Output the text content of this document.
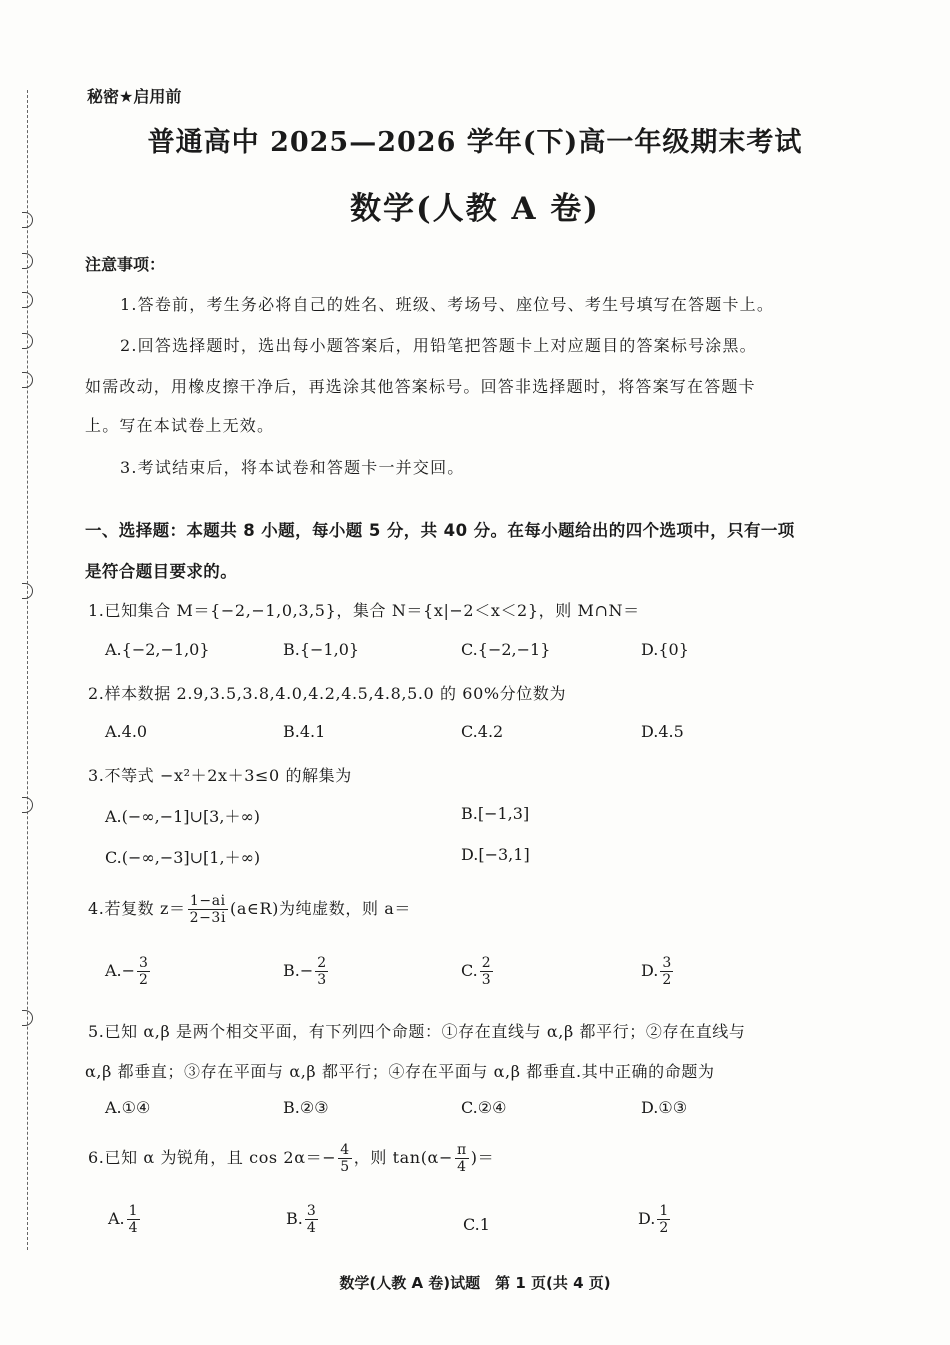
秘密★启用前
普通高中 2025—2026 学年(下)高一年级期末考试
数学(人教 A 卷)
注意事项：
1.答卷前，考生务必将自己的姓名、班级、考场号、座位号、考生号填写在答题卡上。
2.回答选择题时，选出每小题答案后，用铅笔把答题卡上对应题目的答案标号涂黑。
如需改动，用橡皮擦干净后，再选涂其他答案标号。回答非选择题时，将答案写在答题卡
上。写在本试卷上无效。
3.考试结束后，将本试卷和答题卡一并交回。
一、选择题：本题共 8 小题，每小题 5 分，共 40 分。在每小题给出的四个选项中，只有一项
是符合题目要求的。
1.已知集合 M＝{−2,−1,0,3,5}，集合 N＝{x|−2＜x＜2}，则 M∩N＝
A.{−2,−1,0}	B.{−1,0}	C.{−2,−1}	D.{0}
2.样本数据 2.9,3.5,3.8,4.0,4.2,4.5,4.8,5.0 的 60%分位数为
A.4.0	B.4.1	C.4.2	D.4.5
3.不等式 −x²＋2x＋3≤0 的解集为
A.(−∞,−1]∪[3,＋∞)	B.[−1,3]
C.(−∞,−3]∪[1,＋∞)	D.[−3,1]
4.若复数 $z= \frac{1-ai}{2-3i}$ (a∈R)为纯虚数，则 a＝
$A.- \frac{3}{2}$	$B.- \frac{2}{3}$	C. $\frac{2}{3}$	D. $\frac{3}{2}$
5.已知 α,β 是两个相交平面，有下列四个命题：①存在直线与 α,β 都平行；②存在直线与
α,β 都垂直；③存在平面与 α,β 都平行；④存在平面与 α,β 都垂直.其中正确的命题为
A.①④	B.②③	C.②④	D.①③
6.已知 α 为锐角，且 $\cos 2\alpha=- \frac{4}{5}$ ，则 $\tan(\alpha- \frac{\pi}{4}$ )＝
A. $\frac{1}{4}$	B. $\frac{3}{4}$	C.1	D. $\frac{1}{2}$
数学(人教 A 卷)试题　第 1 页(共 4 页)
